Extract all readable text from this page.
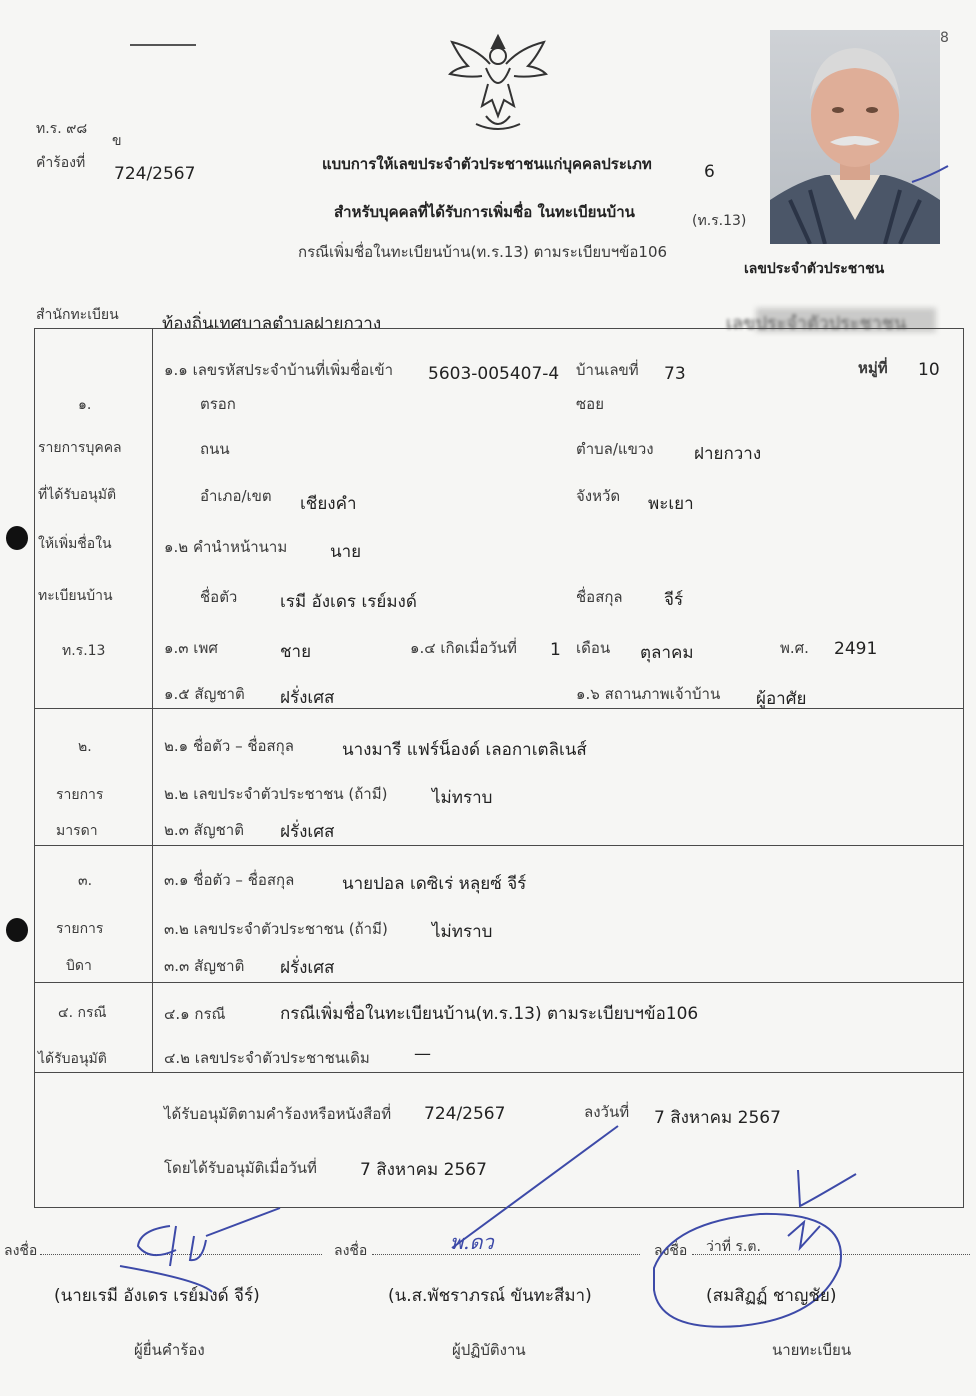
ท.ร. ๙๘
ข
คำร้องที่
724/2567	แบบการให้เลขประจำตัวประชาชนแก่บุคคลประเภท	6
สำหรับบุคคลที่ได้รับการเพิ่มชื่อ ในทะเบียนบ้าน	(ท.ร.13)
กรณีเพิ่มชื่อในทะเบียนบ้าน(ท.ร.13) ตามระเบียบฯข้อ106
8
เลขประจำตัวประชาชน
สำนักทะเบียน	ท้องถิ่นเทศบาลตำบลฝายกวาง	เลขประจำตัวประชาชน
๑.
รายการบุคคล
ที่ได้รับอนุมัติ
ให้เพิ่มชื่อใน
ทะเบียนบ้าน
ท.ร.13
๑.๑ เลขรหัสประจำบ้านที่เพิ่มชื่อเข้า 5603-005407-4 บ้านเลขที่ 73	หมู่ที่ 10
ตรอก	ซอย
ถนน	ตำบล/แขวง ฝายกวาง
อำเภอ/เขต เชียงคำ	จังหวัด พะเยา
๑.๒ คำนำหน้านาม	นาย
ชื่อตัว	เรมี อังเดร เรย์มงด์	ชื่อสกุล จีร์
๑.๓ เพศ	ชาย	๑.๔ เกิดเมื่อวันที่ 1 เดือน ตุลาคม	พ.ศ. 2491
๑.๕ สัญชาติ ฝรั่งเศส	๑.๖ สถานภาพเจ้าบ้าน ผู้อาศัย
๒.
รายการ
มารดา
๒.๑ ชื่อตัว – ชื่อสกุล	นางมารี แฟร์น็องด์ เลอกาเตลิเนส์
๒.๒ เลขประจำตัวประชาชน (ถ้ามี)	ไม่ทราบ
๒.๓ สัญชาติ ฝรั่งเศส
๓.
รายการ
บิดา
๓.๑ ชื่อตัว – ชื่อสกุล	นายปอล เดซิเร่ หลุยซ์ จีร์
๓.๒ เลขประจำตัวประชาชน (ถ้ามี)	ไม่ทราบ
๓.๓ สัญชาติ ฝรั่งเศส
๔. กรณี
ได้รับอนุมัติ
๔.๑ กรณี	กรณีเพิ่มชื่อในทะเบียนบ้าน(ท.ร.13) ตามระเบียบฯข้อ106
๔.๒ เลขประจำตัวประชาชนเดิม	—
ได้รับอนุมัติตามคำร้องหรือหนังสือที่ 724/2567	ลงวันที่ 7 สิงหาคม 2567
โดยได้รับอนุมัติเมื่อวันที่	7 สิงหาคม 2567
ลงชื่อ	ลงชื่อ	ลงชื่อ ว่าที่ ร.ต.
พ.ดว
(นายเรมี อังเดร เรย์มงด์ จีร์)	(น.ส.พัชราภรณ์ ขันทะสีมา)	(สมสิฏฏ์ ชาญชัย)
ผู้ยื่นคำร้อง	ผู้ปฏิบัติงาน	นายทะเบียน
